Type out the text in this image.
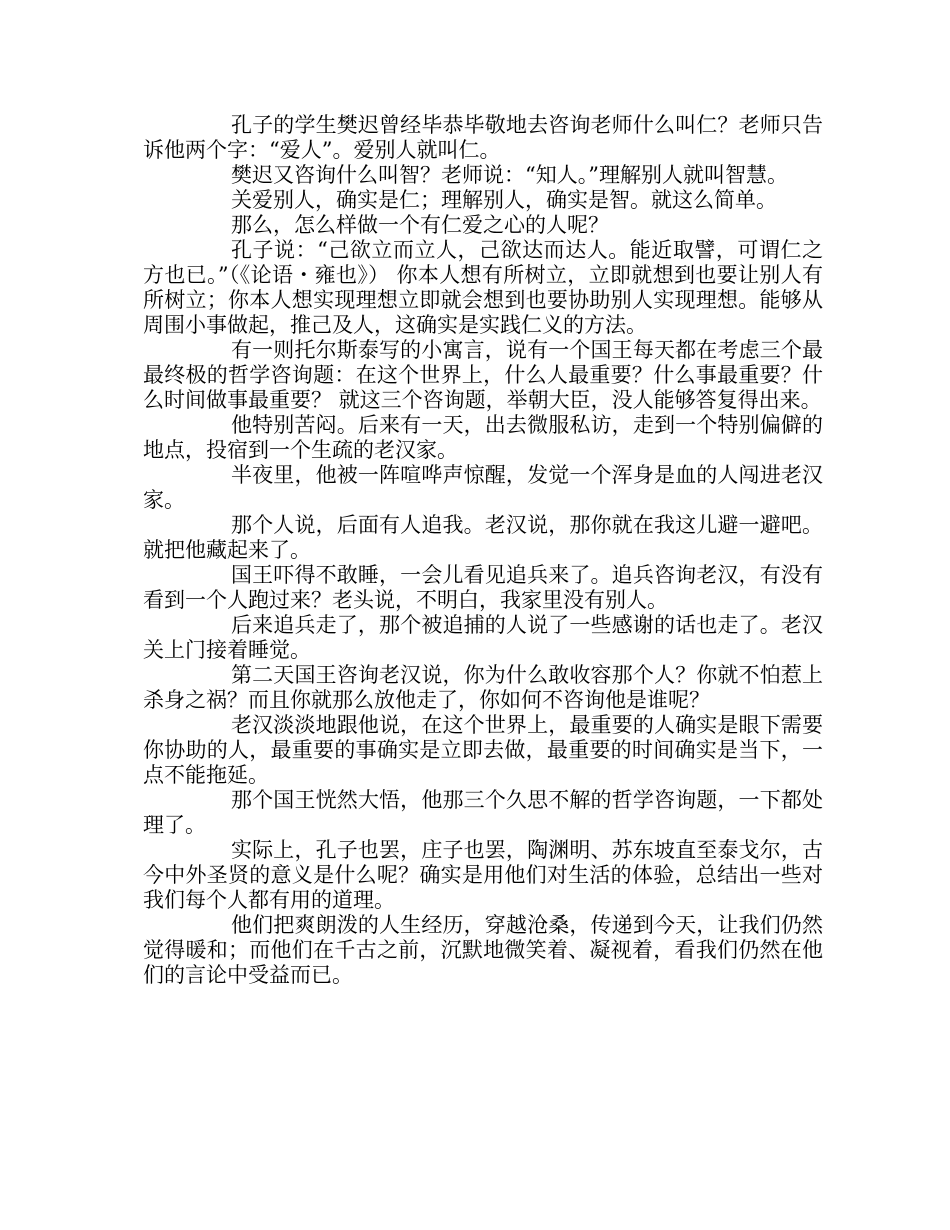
孔子的学生樊迟曾经毕恭毕敬地去咨询老师什么叫仁？老师只告诉他两个字：“爱人”。爱别人就叫仁。

樊迟又咨询什么叫智？老师说：“知人。”理解别人就叫智慧。

关爱别人，确实是仁；理解别人，确实是智。就这么简单。

那么，怎么样做一个有仁爱之心的人呢？

孔子说：“己欲立而立人，己欲达而达人。能近取譬，可谓仁之方也已。”（《论语・雍也》） 你本人想有所树立，立即就想到也要让别人有所树立；你本人想实现理想立即就会想到也要协助别人实现理想。能够从周围小事做起，推己及人，这确实是实践仁义的方法。

有一则托尔斯泰写的小寓言，说有一个国王每天都在考虑三个最最终极的哲学咨询题：在这个世界上，什么人最重要？什么事最重要？什么时间做事最重要？ 就这三个咨询题，举朝大臣，没人能够答复得出来。

他特别苦闷。后来有一天，出去微服私访，走到一个特别偏僻的地点，投宿到一个生疏的老汉家。

半夜里，他被一阵喧哗声惊醒，发觉一个浑身是血的人闯进老汉家。

那个人说，后面有人追我。老汉说，那你就在我这儿避一避吧。就把他藏起来了。

国王吓得不敢睡，一会儿看见追兵来了。追兵咨询老汉，有没有看到一个人跑过来？老头说，不明白，我家里没有别人。

后来追兵走了，那个被追捕的人说了一些感谢的话也走了。老汉关上门接着睡觉。

第二天国王咨询老汉说，你为什么敢收容那个人？你就不怕惹上杀身之祸？而且你就那么放他走了，你如何不咨询他是谁呢？

老汉淡淡地跟他说，在这个世界上，最重要的人确实是眼下需要你协助的人，最重要的事确实是立即去做，最重要的时间确实是当下，一点不能拖延。

那个国王恍然大悟，他那三个久思不解的哲学咨询题，一下都处理了。

实际上，孔子也罢，庄子也罢，陶渊明、苏东坡直至泰戈尔，古今中外圣贤的意义是什么呢？确实是用他们对生活的体验，总结出一些对我们每个人都有用的道理。

他们把爽朗泼的人生经历，穿越沧桑，传递到今天，让我们仍然觉得暖和；而他们在千古之前，沉默地微笑着、凝视着，看我们仍然在他们的言论中受益而已。
